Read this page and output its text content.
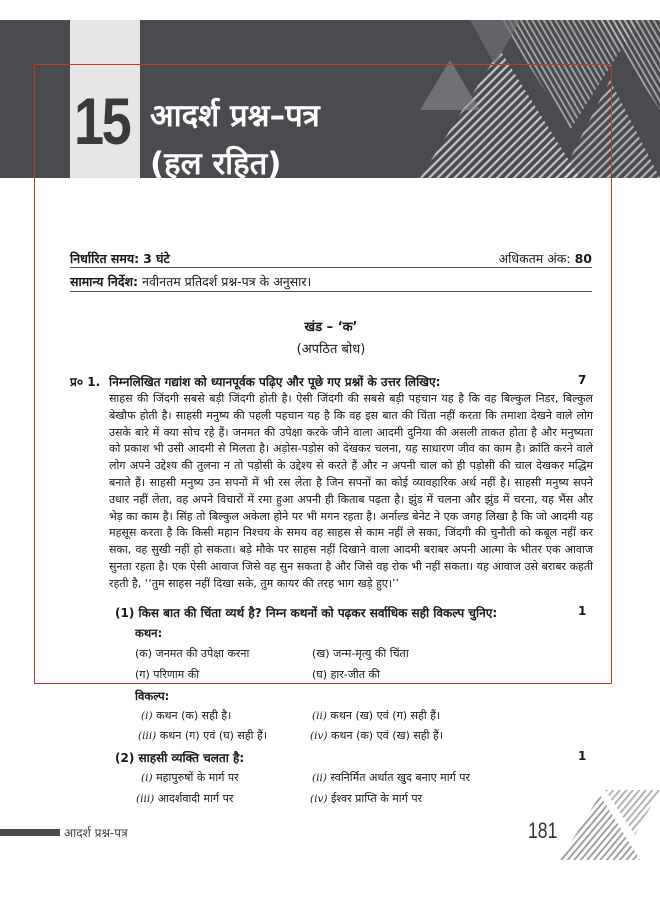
15 आदर्श प्रश्न–पत्र
(हल रहित)
निर्धारित समय: 3 घंटे	अधिकतम अंक: 80
सामान्य निर्देश: नवीनतम प्रतिदर्श प्रश्न-पत्र के अनुसार।
खंड – ‘क’
(अपठित बोध)
प्र० 1. निम्नलिखित गद्यांश को ध्यानपूर्वक पढ़िए और पूछे गए प्रश्नों के उत्तर लिखिए:	7
साहस की जिंदगी सबसे बड़ी जिंदगी होती है। ऐसी जिंदगी की सबसे बड़ी पहचान यह है कि वह बिल्कुल निडर, बिल्कुल बेखौफ होती है। साहसी मनुष्य की पहली पहचान यह है कि वह इस बात की चिंता नहीं करता कि तमाशा देखने वाले लोग उसके बारे में क्या सोच रहे हैं। जनमत की उपेक्षा करके जीने वाला आदमी दुनिया की असली ताकत होता है और मनुष्यता को प्रकाश भी उसी आदमी से मिलता है। अड़ोस-पड़ोस को देखकर चलना, यह साधारण जीव का काम है। क्रांति करने वाले लोग अपने उद्देश्य की तुलना न तो पड़ोसी के उद्देश्य से करते हैं और न अपनी चाल को ही पड़ोसी की चाल देखकर मद्धिम बनाते हैं। साहसी मनुष्य उन सपनों में भी रस लेता है जिन सपनों का कोई व्यावहारिक अर्थ नहीं है। साहसी मनुष्य सपने उधार नहीं लेता, वह अपने विचारों में रमा हुआ अपनी ही किताब पढ़ता है। झुंड में चलना और झुंड में चरना, यह भैंस और भेड़ का काम है। सिंह तो बिल्कुल अकेला होने पर भी मगन रहता है। अर्नाल्ड बेनेट ने एक जगह लिखा है कि जो आदमी यह महसूस करता है कि किसी महान निश्चय के समय वह साहस से काम नहीं ले सका, जिंदगी की चुनौती को कबूल नहीं कर सका, वह सुखी नहीं हो सकता। बड़े मौके पर साहस नहीं दिखाने वाला आदमी बराबर अपनी आत्मा के भीतर एक आवाज सुनता रहता है। एक ऐसी आवाज जिसे वह सुन सकता है और जिसे वह रोक भी नहीं सकता। यह आवाज उसे बराबर कहती रहती है, ‘‘तुम साहस नहीं दिखा सके, तुम कायर की तरह भाग खड़े हुए।’’
(1) किस बात की चिंता व्यर्थ है? निम्न कथनों को पढ़कर सर्वाधिक सही विकल्प चुनिए:	1
कथन:
(क) जनमत की उपेक्षा करना	(ख) जन्म-मृत्यु की चिंता
(ग) परिणाम की	(घ) हार-जीत की
विकल्प:
(i) कथन (क) सही है।	(ii) कथन (ख) एवं (ग) सही हैं।
(iii) कथन (ग) एवं (घ) सही हैं।	(iv) कथन (क) एवं (ख) सही हैं।
(2) साहसी व्यक्ति चलता है:	1
(i) महापुरुषों के मार्ग पर	(ii) स्वनिर्मित अर्थात खुद बनाए मार्ग पर
(iii) आदर्शवादी मार्ग पर	(iv) ईश्वर प्राप्ति के मार्ग पर
आदर्श प्रश्न-पत्र	181
